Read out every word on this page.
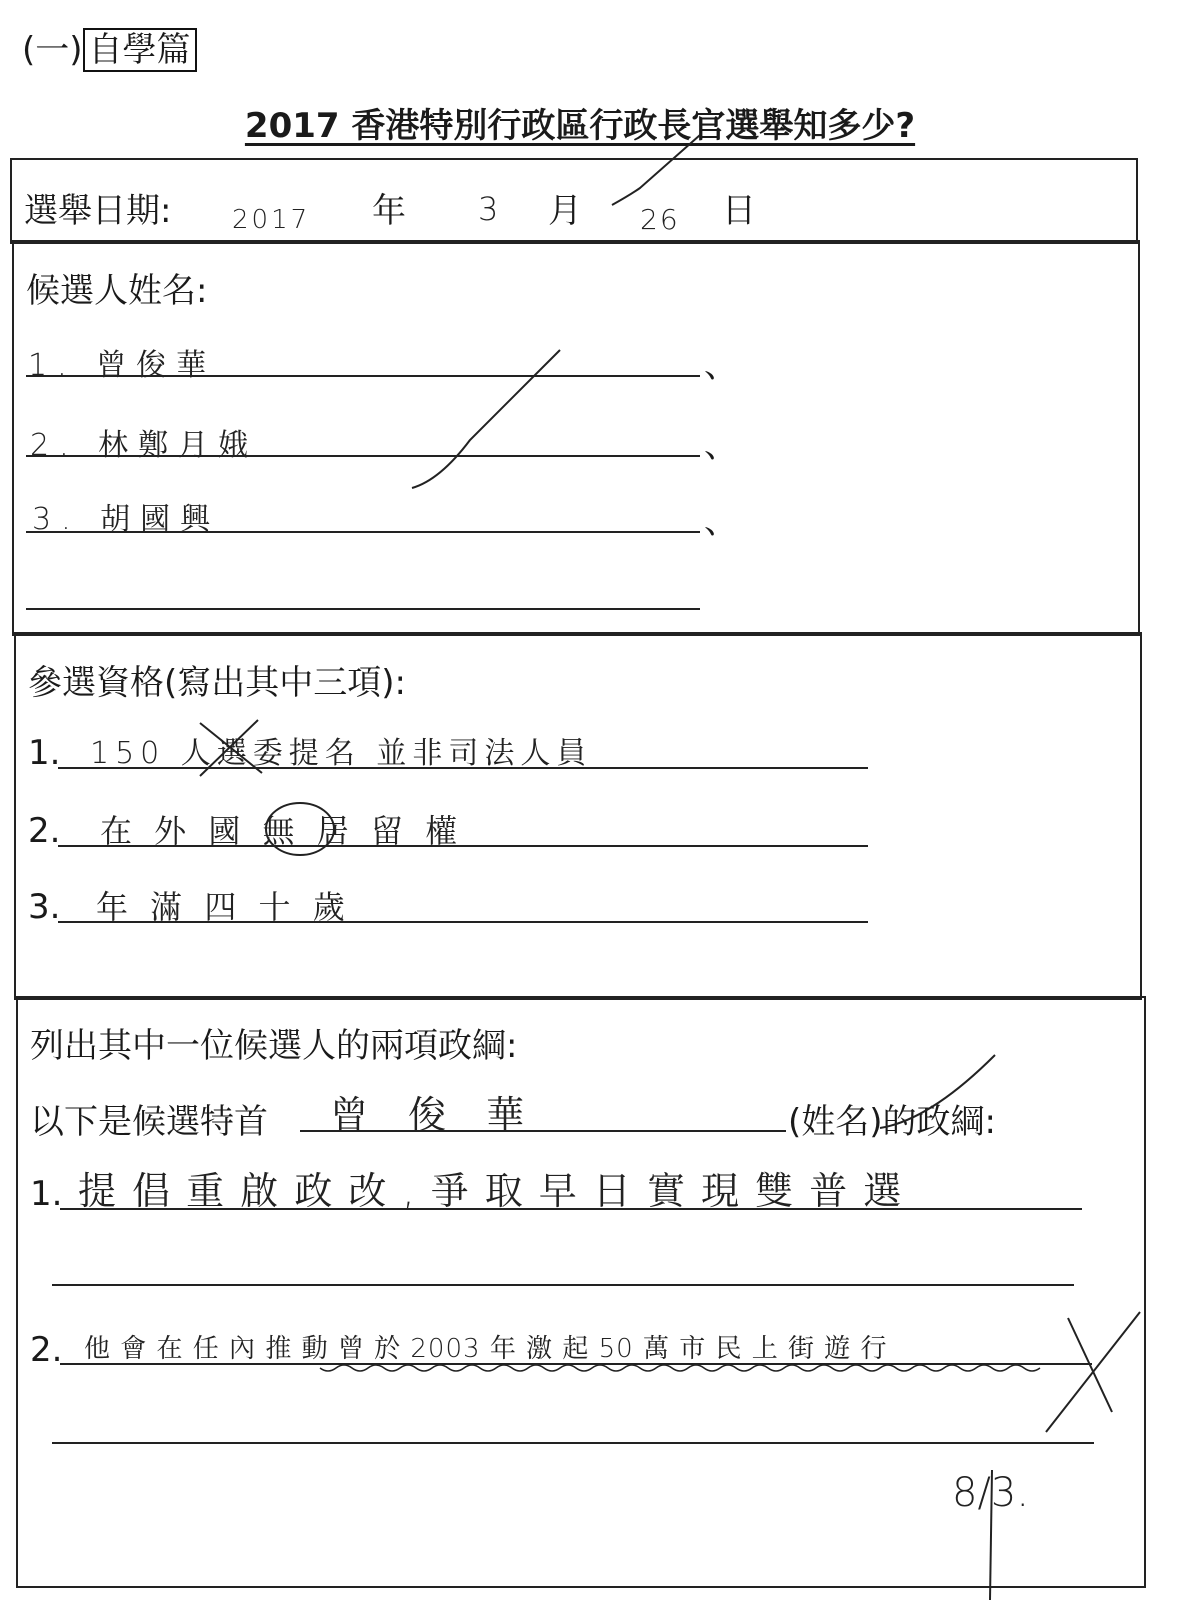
(一) 自學篇
2017 香港特別行政區行政長官選舉知多少?
選舉日期: 2017 年 3 月 26 日
候選人姓名:
1. 曾俊華	、
2. 林鄭月娥	、
3. 胡國興	、
參選資格(寫出其中三項):
1. 150 人選委提名 並非司法人員
2. 在 外 國 無 居 留 權
3. 年 滿 四 十 歲
列出其中一位候選人的兩項政綱:
以下是候選特首 曾 俊 華	(姓名)的政綱:
1. 提 倡 重 啟 政 改 , 爭 取 早 日 實 現 雙 普 選
2. 他 會 在 任 內 推 動 曾 於 2003 年 激 起 50 萬 市 民 上 街 遊 行
8/3.
